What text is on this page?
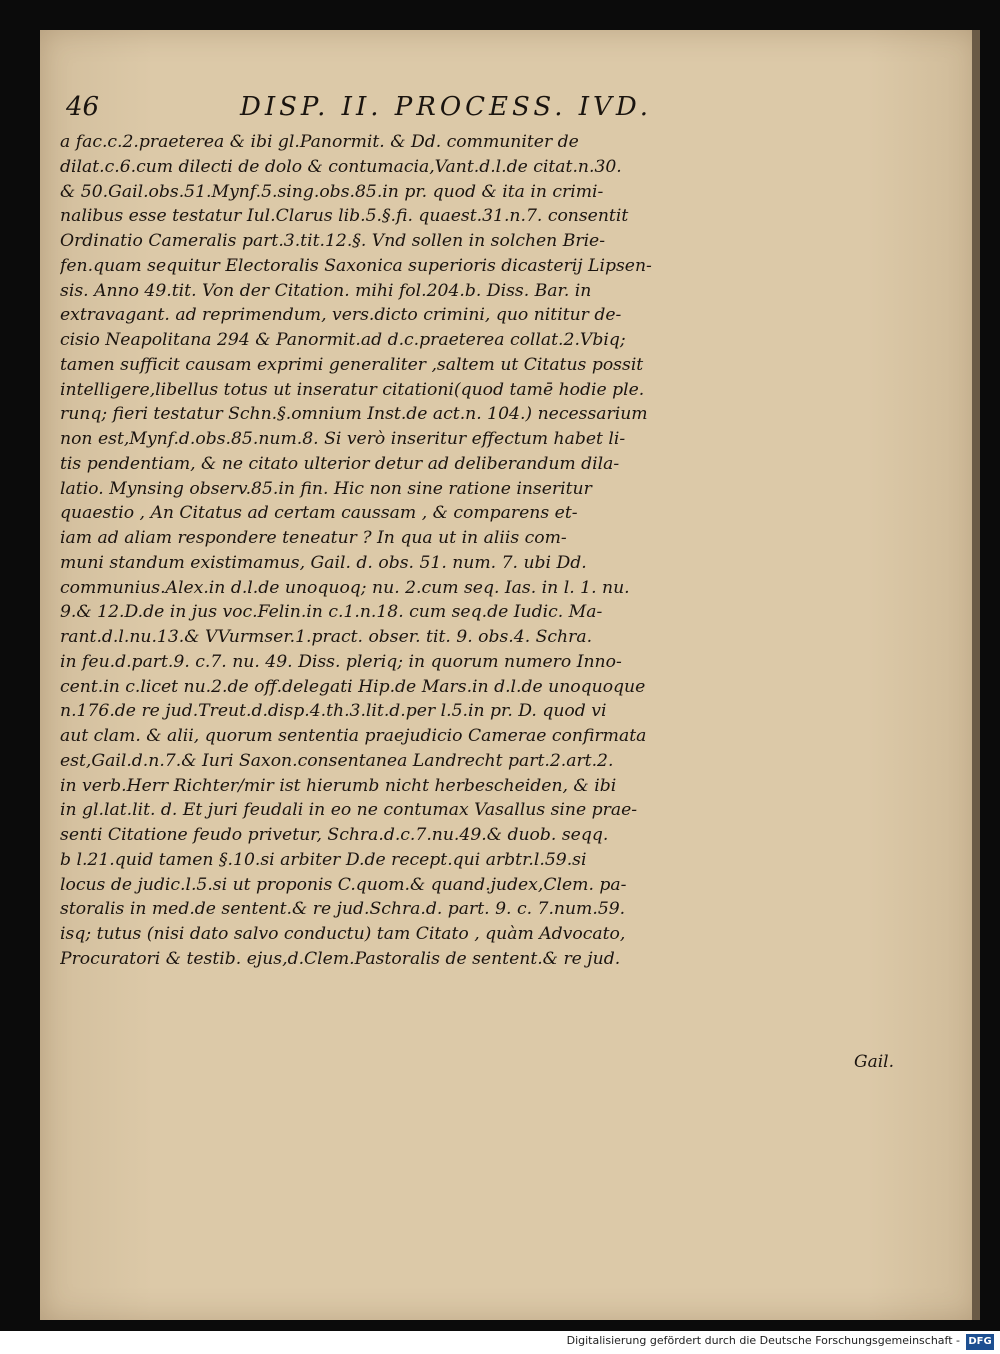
46	DISP. II. PROCESS. IVD.
a fac.c.2.praeterea & ibi gl.Panormit. & Dd. communiter de
dilat.c.6.cum dilecti de dolo & contumacia,Vant.d.l.de citat.n.30.
& 50.Gail.obs.51.Mynf.5.sing.obs.85.in pr. quod & ita in crimi-
nalibus esse testatur Iul.Clarus lib.5.§.fi. quaest.31.n.7. consentit
Ordinatio Cameralis part.3.tit.12.§. Vnd sollen in solchen Brie-
fen.quam sequitur Electoralis Saxonica superioris dicasterij Lipsen-
sis. Anno 49.tit. Von der Citation. mihi fol.204.b. Diss. Bar. in
extravagant. ad reprimendum, vers.dicto crimini, quo nititur de-
cisio Neapolitana 294 & Panormit.ad d.c.praeterea collat.2.Vbiq;
tamen sufficit causam exprimi generaliter ,saltem ut Citatus possit
intelligere,libellus totus ut inseratur citationi(quod tamē hodie ple.
runq; fieri testatur Schn.§.omnium Inst.de act.n. 104.) necessarium
non est,Mynf.d.obs.85.num.8. Si verò inseritur effectum habet li-
tis pendentiam, & ne citato ulterior detur ad deliberandum dila-
latio. Mynsing observ.85.in fin. Hic non sine ratione inseritur
quaestio , An Citatus ad certam caussam , & comparens et-
iam ad aliam respondere teneatur ? In qua ut in aliis com-
muni standum existimamus, Gail. d. obs. 51. num. 7. ubi Dd.
communius.Alex.in d.l.de unoquoq; nu. 2.cum seq. Ias. in l. 1. nu.
9.& 12.D.de in jus voc.Felin.in c.1.n.18. cum seq.de Iudic. Ma-
rant.d.l.nu.13.& VVurmser.1.pract. obser. tit. 9. obs.4. Schra.
in feu.d.part.9. c.7. nu. 49. Diss. pleriq; in quorum numero Inno-
cent.in c.licet nu.2.de off.delegati Hip.de Mars.in d.l.de unoquoque
n.176.de re jud.Treut.d.disp.4.th.3.lit.d.per l.5.in pr. D. quod vi
aut clam. & alii, quorum sententia praejudicio Camerae confirmata
est,Gail.d.n.7.& Iuri Saxon.consentanea Landrecht part.2.art.2.
in verb.Herr Richter/mir ist hierumb nicht herbescheiden, & ibi
in gl.lat.lit. d. Et juri feudali in eo ne contumax Vasallus sine prae-
senti Citatione feudo privetur, Schra.d.c.7.nu.49.& duob. seqq.
b l.21.quid tamen §.10.si arbiter D.de recept.qui arbtr.l.59.si
locus de judic.l.5.si ut proponis C.quom.& quand.judex,Clem. pa-
storalis in med.de sentent.& re jud.Schra.d. part. 9. c. 7.num.59.
isq; tutus (nisi dato salvo conductu) tam Citato , quàm Advocato,
Procuratori & testib. ejus,d.Clem.Pastoralis de sentent.& re jud.
Gail.
Digitalisierung gefördert durch die Deutsche Forschungsgemeinschaft - DFG
